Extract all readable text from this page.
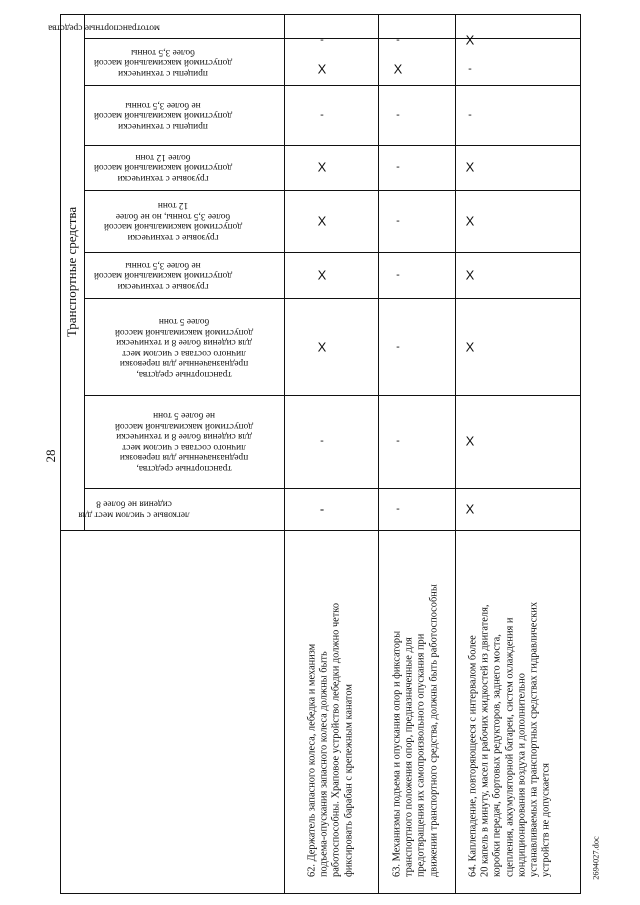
28
Транспортные средства
легковые с числом мест для
сидения не более 8
транспортные средства,
предназначенные для перевозки
личного состава с числом мест
для сидения более 8 и технически
допустимой максимальной массой
не более 5 тонн
транспортные средства,
предназначенные для перевозки
личного состава с числом мест
для сидения более 8 и технически
допустимой максимальной массой
более 5 тонн
грузовые с технически
допустимой максимальной массой
не более 3,5 тонны
грузовые с технически
допустимой максимальной массой
более 3,5 тонны, но не более
12 тонн
грузовые с технически
допустимой максимальной массой
более 12 тонн
прицепы с технически
допустимой максимальной массой
не более 3,5 тонны
прицепы с технически
допустимой максимальной массой
более 3,5 тонны
мототранспортные средства
62. Держатель запасного колеса, лебедка и механизм
подъема-опускания запасного колеса должны быть
работоспособны. Храповое устройство лебедки должно четко
фиксировать барабан с крепежным канатом
63. Механизмы подъема и опускания опор и фиксаторы
транспортного положения опор, предназначенные для
предотвращения их самопроизвольного опускания при
движении транспортного средства, должны быть работоспособны
64. Каплепадение, повторяющееся с интервалом более
20 капель в минуту, масел и рабочих жидкостей из двигателя,
коробки передач, бортовых редукторов, заднего моста,
сцепления, аккумуляторной батареи, систем охлаждения и
кондиционирования воздуха и дополнительно
устанавливаемых на транспортных средствах гидравлических
устройств не допускается
-
-
X
X
X
X
-
X
-
-
-
-
-
-
-
-
X
-
X
X
X
X
X
X
-
-
X
2694027.doc
